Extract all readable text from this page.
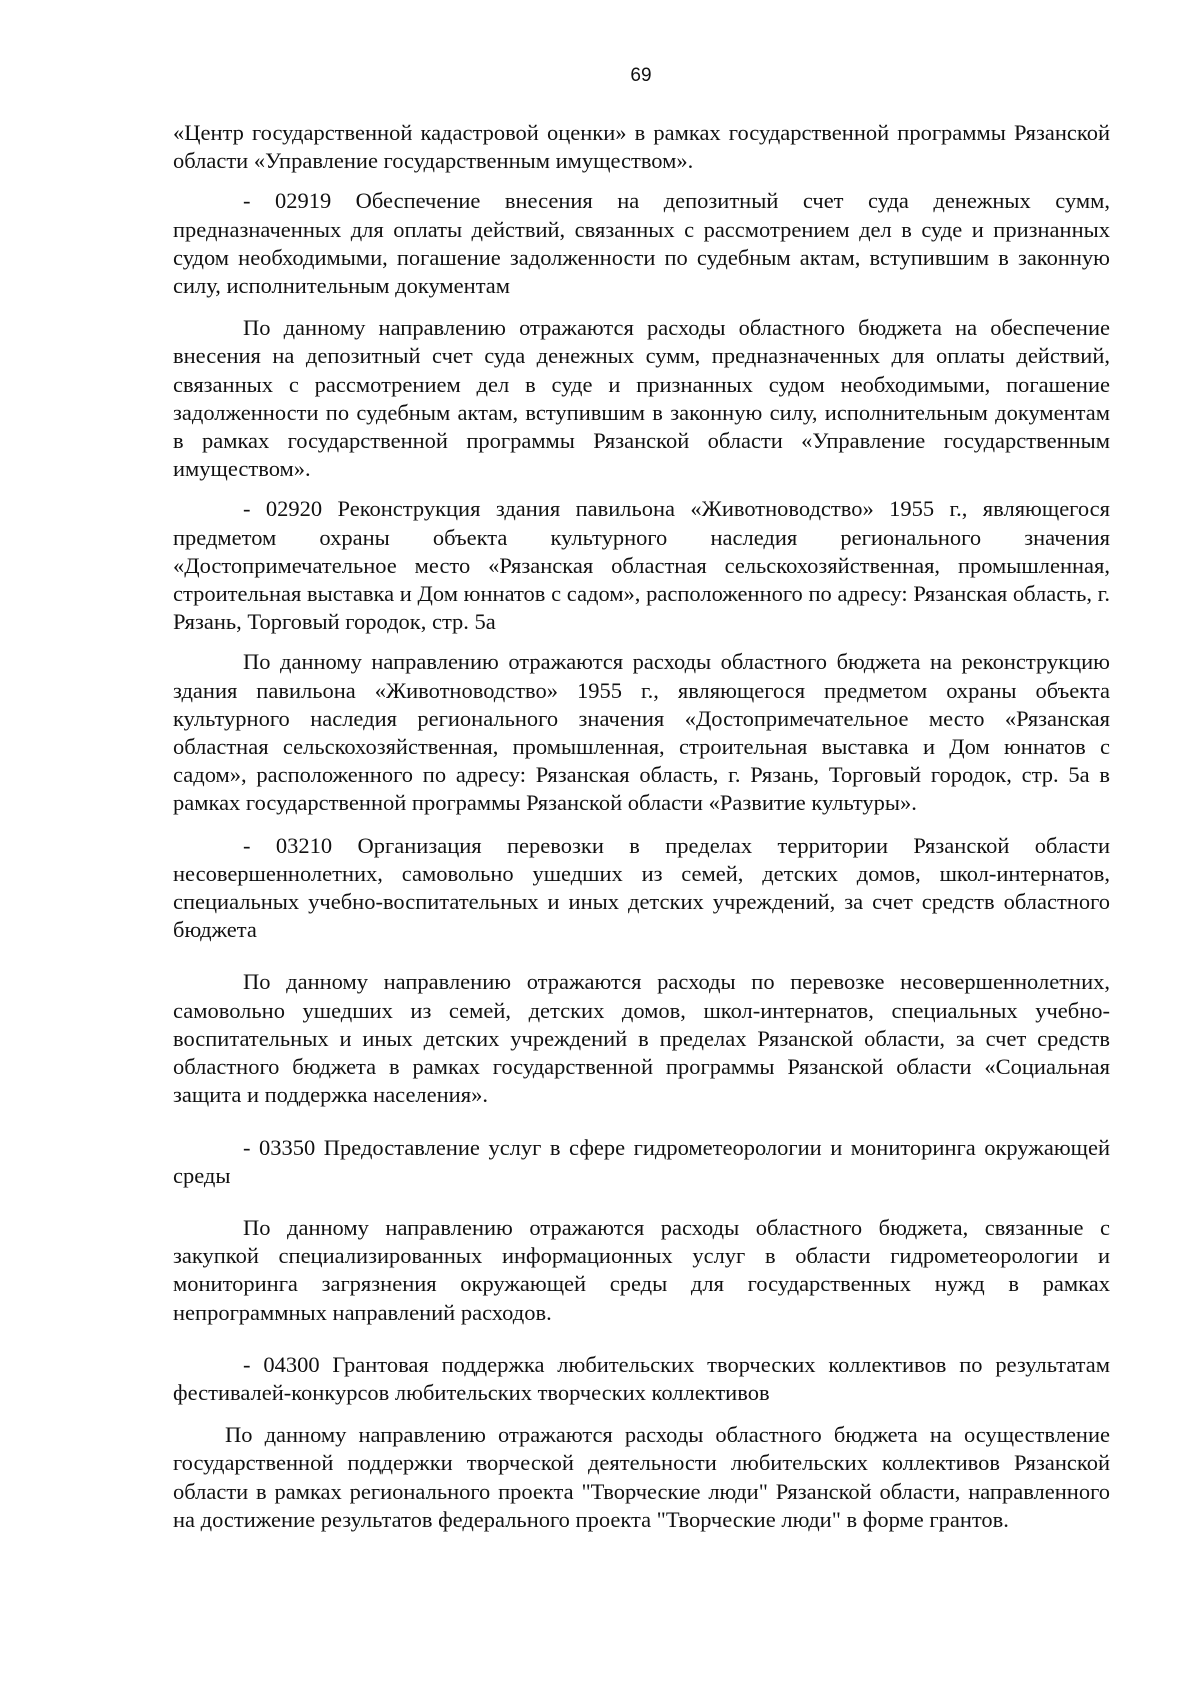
69

«Центр государственной кадастровой оценки» в рамках государственной программы Рязанской области «Управление государственным имуществом».

- 02919 Обеспечение внесения на депозитный счет суда денежных сумм, предназначенных для оплаты действий, связанных с рассмотрением дел в суде и признанных судом необходимыми, погашение задолженности по судебным актам, вступившим в законную силу, исполнительным документам

По данному направлению отражаются расходы областного бюджета на обеспечение внесения на депозитный счет суда денежных сумм, предназначенных для оплаты действий, связанных с рассмотрением дел в суде и признанных судом необходимыми, погашение задолженности по судебным актам, вступившим в законную силу, исполнительным документам в рамках государственной программы Рязанской области «Управление государственным имуществом».

- 02920 Реконструкция здания павильона «Животноводство» 1955 г., являющегося предметом охраны объекта культурного наследия регионального значения «Достопримечательное место «Рязанская областная сельскохозяйственная, промышленная, строительная выставка и Дом юннатов с садом», расположенного по адресу: Рязанская область, г. Рязань, Торговый городок, стр. 5а

По данному направлению отражаются расходы областного бюджета на реконструкцию здания павильона «Животноводство» 1955 г., являющегося предметом охраны объекта культурного наследия регионального значения «Достопримечательное место «Рязанская областная сельскохозяйственная, промышленная, строительная выставка и Дом юннатов с садом», расположенного по адресу: Рязанская область, г. Рязань, Торговый городок, стр. 5а в рамках государственной программы Рязанской области «Развитие культуры».

- 03210 Организация перевозки в пределах территории Рязанской области несовершеннолетних, самовольно ушедших из семей, детских домов, школ-интернатов, специальных учебно-воспитательных и иных детских учреждений, за счет средств областного бюджета

По данному направлению отражаются расходы по перевозке несовершеннолетних, самовольно ушедших из семей, детских домов, школ-интернатов, специальных учебно-воспитательных и иных детских учреждений в пределах Рязанской области, за счет средств областного бюджета в рамках государственной программы Рязанской области «Социальная защита и поддержка населения».

- 03350 Предоставление услуг в сфере гидрометеорологии и мониторинга окружающей среды

По данному направлению отражаются расходы областного бюджета, связанные с закупкой специализированных информационных услуг в области гидрометеорологии и мониторинга загрязнения окружающей среды для государственных нужд в рамках непрограммных направлений расходов.

- 04300 Грантовая поддержка любительских творческих коллективов по результатам фестивалей-конкурсов любительских творческих коллективов

По данному направлению отражаются расходы областного бюджета на осуществление государственной поддержки творческой деятельности любительских коллективов Рязанской области в рамках регионального проекта "Творческие люди" Рязанской области, направленного на достижение результатов федерального проекта "Творческие люди" в форме грантов.
